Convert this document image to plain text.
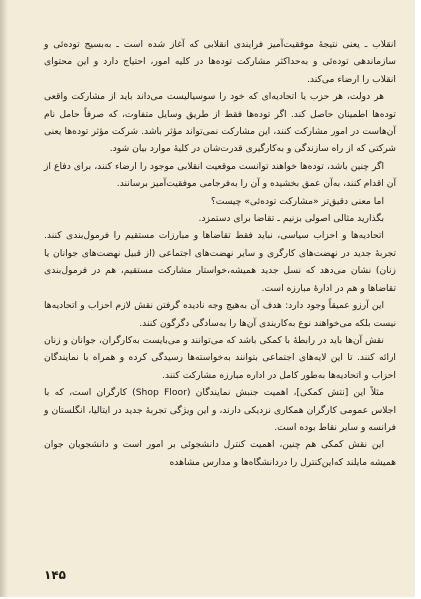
انقلاب ـ یعنی نتیجهٔ موفقیت‌آمیز فرایندی انقلابی که آغاز شده است ـ به‌بسیج توده‌ئی و سازماندهی توده‌ئی و به‌حداکثر مشارکت توده‌ها در کلیه امور، احتیاج دارد و این محتوای انقلاب را ارضاء می‌کند.

هر دولت، هر حزب یا اتحادیه‌ای که خود را سوسیالیست می‌داند باید از مشارکت واقعی توده‌ها اطمینان حاصل کند. اگر توده‌ها فقط از طریق وسایل متفاوت، که صرفاً حامل نام آن‌هاست در امور مشارکت کنند، این مشارکت نمی‌تواند مؤثر باشد. شرکت مؤثر توده‌ها یعنی شرکتی که از راه سازندگی و به‌کارگیری قدرت‌شان در کلیهٔ موارد بیان شود.

اگر چنین باشد، توده‌ها خواهند توانست موقعیت انقلابی موجود را ارضاء کنند، برای دفاع از آن اقدام کنند، به‌آن عمق بخشیده و آن را به‌فرجامی موفقیت‌آمیز برسانند.

اما معنی دقیق‌تر «مشارکت توده‌ئی» چیست؟

بگذارید مثالی اصولی بزنیم ـ تقاضا برای دستمزد.

اتحادیه‌ها و احزاب سیاسی، نباید فقط تقاضاها و مبارزات مستقیم را فرمول‌بندی کنند. تجربهٔ جدید در نهضت‌های کارگری و سایر نهضت‌های اجتماعی (از قبیل نهضت‌های جوانان یا زنان) نشان می‌دهد که نسل جدید همیشه،خواستار مشارکت مستقیم، هم در فرمول‌بندی تقاضاها و هم در ادارهٔ مبارزه است.

این آرزو عمیقاً وجود دارد: هدف آن به‌هیچ وجه نادیده گرفتن نقش لازم احزاب و اتحادیه‌ها نیست بلکه می‌خواهند نوع به‌کاربندی آن‌ها را به‌سادگی دگرگون کنند.

نقش آن‌ها باید در رابطهٔ با کمکی باشد که می‌توانند و می‌بایست به‌کارگران، جوانان و زنان ارائه کنند. تا این لایه‌های اجتماعی بتوانند به‌خواسته‌ها رسیدگی کرده و همراه با نمایندگان احزاب و اتحادیه‌ها به‌طور کامل در اداره مبارزه مشارکت کنند.

مثلاً این [نتش کمکی]، اهمیت جنبش نمایندگان (Shop Floor) کارگران است، که با اجلاس عمومی کارگران همکاری نزدیکی دارند، و این ویژگی تجربهٔ جدید در ایتالیا، انگلستان و فرانسه و سایر نقاط بوده است.

این نقش کمکی هم چنین، اهمیت کنترل دانشجوئی بر امور است و دانشجویان جوان همیشه مایلند که‌این‌کنترل را دردانشگاه‌ها و مدارس مشاهده

۱۴۵
